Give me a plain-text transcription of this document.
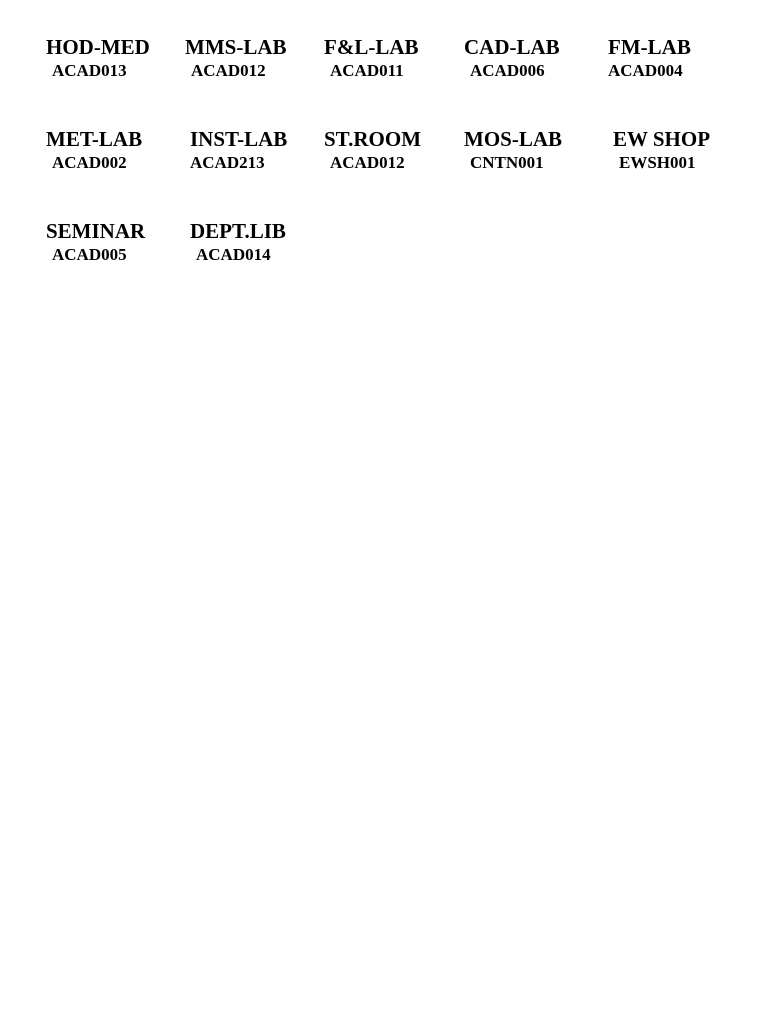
HOD-MED
ACAD013
MMS-LAB
ACAD012
F&L-LAB
ACAD011
CAD-LAB
ACAD006
FM-LAB
ACAD004
MET-LAB
ACAD002
INST-LAB
ACAD213
ST.ROOM
ACAD012
MOS-LAB
CNTN001
EW SHOP
EWSH001
SEMINAR
ACAD005
DEPT.LIB
ACAD014
